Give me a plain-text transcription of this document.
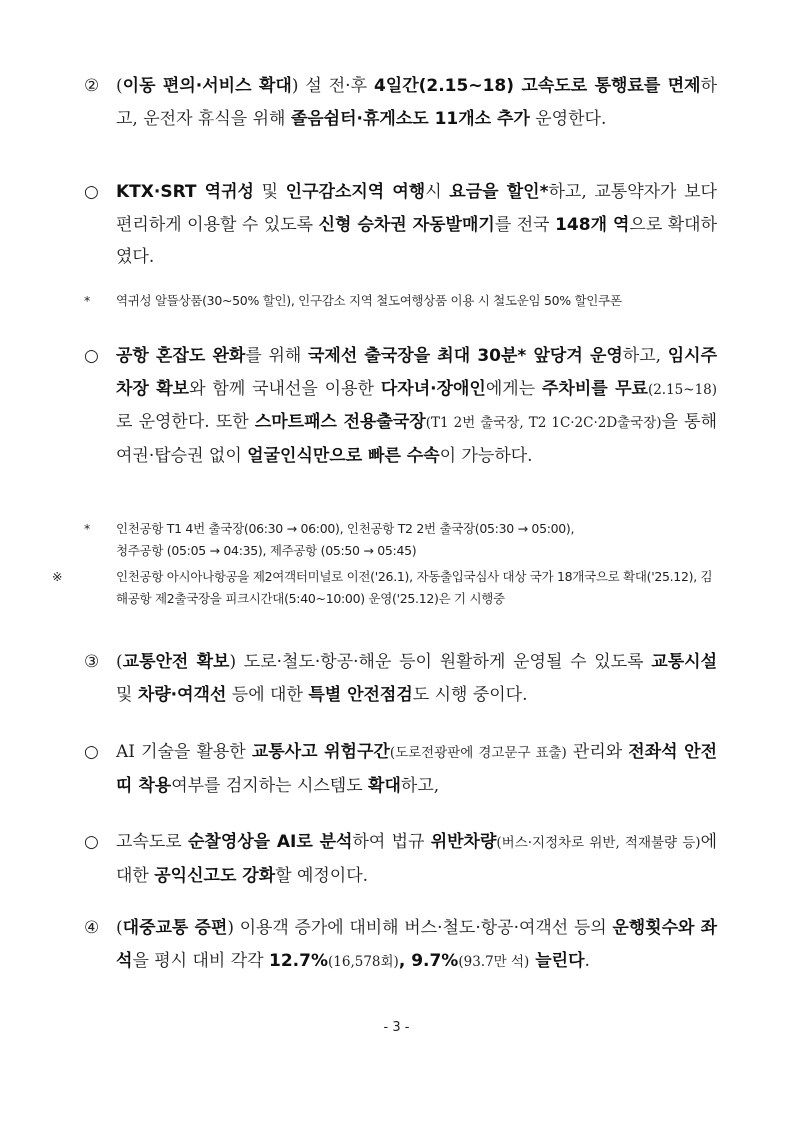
② (이동 편의·서비스 확대) 설 전·후 4일간(2.15~18) 고속도로 통행료를 면제하고, 운전자 휴식을 위해 졸음쉼터·휴게소도 11개소 추가 운영한다.

○ KTX·SRT 역귀성 및 인구감소지역 여행시 요금을 할인*하고, 교통약자가 보다 편리하게 이용할 수 있도록 신형 승차권 자동발매기를 전국 148개 역으로 확대하였다.

* 역귀성 알뜰상품(30~50% 할인), 인구감소 지역 철도여행상품 이용 시 철도운임 50% 할인쿠폰

○ 공항 혼잡도 완화를 위해 국제선 출국장을 최대 30분* 앞당겨 운영하고, 임시주차장 확보와 함께 국내선을 이용한 다자녀·장애인에게는 주차비를 무료(2.15~18)로 운영한다. 또한 스마트패스 전용출국장(T1 2번 출국장, T2 1C·2C·2D출국장)을 통해 여권·탑승권 없이 얼굴인식만으로 빠른 수속이 가능하다.

* 인천공항 T1 4번 출국장(06:30 → 06:00), 인천공항 T2 2번 출국장(05:30 → 05:00),
청주공항 (05:05 → 04:35), 제주공항 (05:50 → 05:45)

※	인천공항 아시아나항공을 제2여객터미널로 이전('26.1), 자동출입국심사 대상 국가 18개국으로 확대('25.12), 김해공항 제2출국장을 피크시간대(5:40~10:00) 운영('25.12)은 기 시행중

③ (교통안전 확보) 도로·철도·항공·해운 등이 원활하게 운영될 수 있도록 교통시설 및 차량·여객선 등에 대한 특별 안전점검도 시행 중이다.

○ AI 기술을 활용한 교통사고 위험구간(도로전광판에 경고문구 표출) 관리와 전좌석 안전띠 착용여부를 검지하는 시스템도 확대하고,

○ 고속도로 순찰영상을 AI로 분석하여 법규 위반차량(버스·지정차로 위반, 적재불량 등)에 대한 공익신고도 강화할 예정이다.

④ (대중교통 증편) 이용객 증가에 대비해 버스·철도·항공·여객선 등의 운행횟수와 좌석을 평시 대비 각각 12.7%(16,578회), 9.7%(93.7만 석) 늘린다.

- 3 -
